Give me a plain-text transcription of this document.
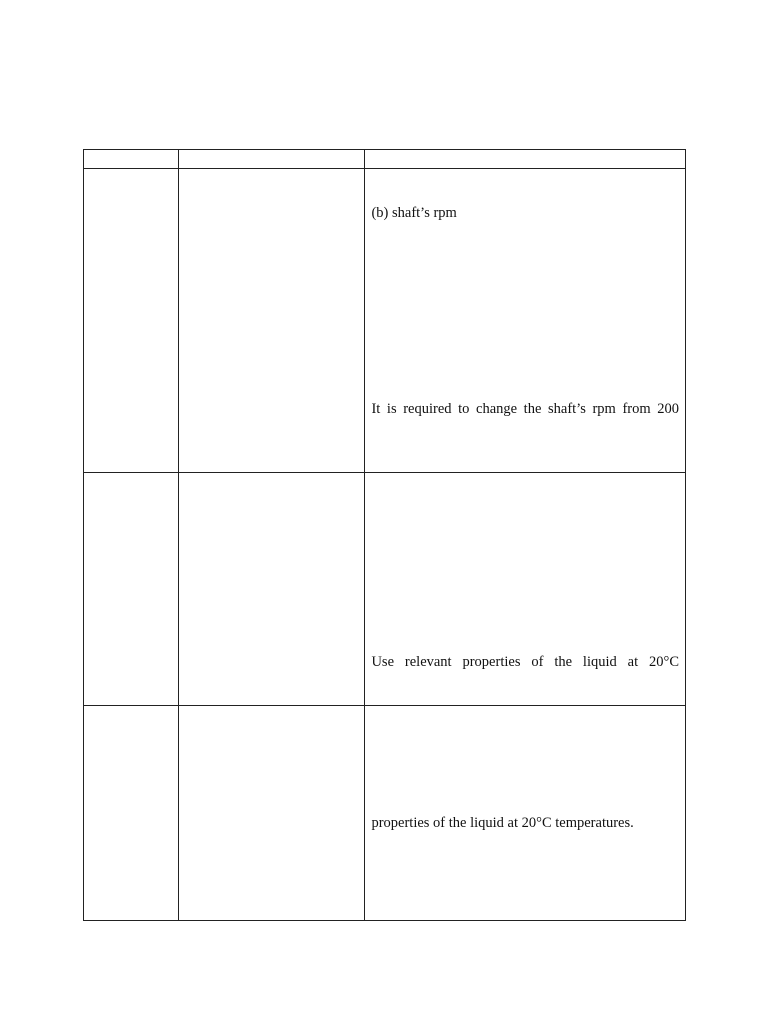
		(b) shaft’s rpm
It is required to change the shaft’s rpm from 200

		Use relevant properties of the liquid at 20°C

		properties of the liquid at 20°C temperatures.
